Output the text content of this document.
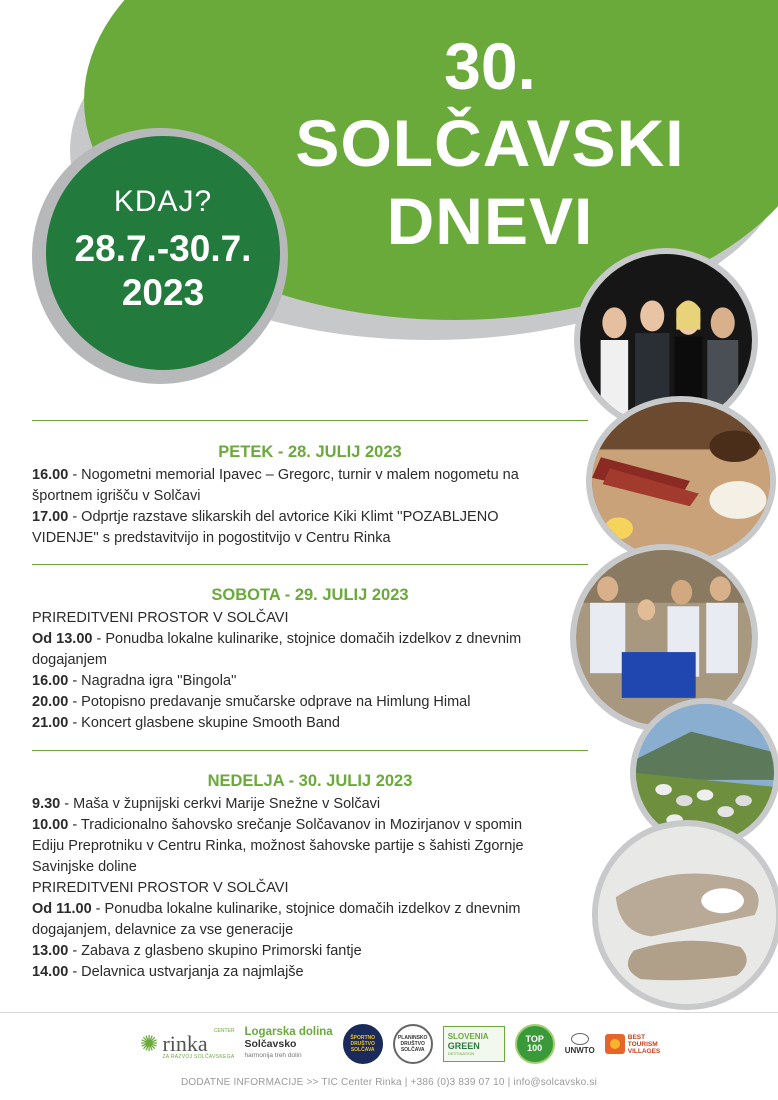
30.
SOLČAVSKI
DNEVI
KDAJ?
28.7.-30.7.
2023
PETEK - 28. JULIJ 2023
16.00 - Nogometni memorial Ipavec – Gregorc, turnir v malem nogometu na
športnem igrišču v Solčavi
17.00 - Odprtje razstave slikarskih del avtorice Kiki Klimt ''POZABLJENO
VIDENJE'' s predstavitvijo in pogostitvijo v Centru Rinka
SOBOTA - 29. JULIJ 2023
PRIREDITVENI PROSTOR V SOLČAVI
Od 13.00 - Ponudba lokalne kulinarike, stojnice domačih izdelkov z dnevnim
dogajanjem
16.00 - Nagradna igra ''Bingola''
20.00 - Potopisno predavanje smučarske odprave na Himlung Himal
21.00 - Koncert glasbene skupine Smooth Band
NEDELJA - 30. JULIJ 2023
9.30 - Maša v župnijski cerkvi Marije Snežne v Solčavi
10.00 - Tradicionalno šahovsko srečanje Solčavanov in Mozirjanov v spomin
Ediju Preprotniku v Centru Rinka, možnost šahovske partije s šahisti Zgornje
Savinjske doline
PRIREDITVENI PROSTOR V SOLČAVI
Od 11.00 - Ponudba lokalne kulinarike, stojnice domačih izdelkov z dnevnim
dogajanjem, delavnice za vse generacije
13.00 - Zabava z glasbeno skupino Primorski fantje
14.00 - Delavnica ustvarjanja za najmlajše
✺	CENTER
rinka
ZA RAZVOJ SOLČAVSKEGA
Logarska dolina
Solčavsko
harmonija treh dolin
ŠPORTNO DRUŠTVO SOLČAVA
PLANINSKO DRUŠTVO SOLČAVA
SLOVENIA
GREEN
DESTINATION
TOP
100	UNWTO
BEST TOURISM VILLAGES
DODATNE INFORMACIJE >> TIC Center Rinka | +386 (0)3 839 07 10 | info@solcavsko.si
